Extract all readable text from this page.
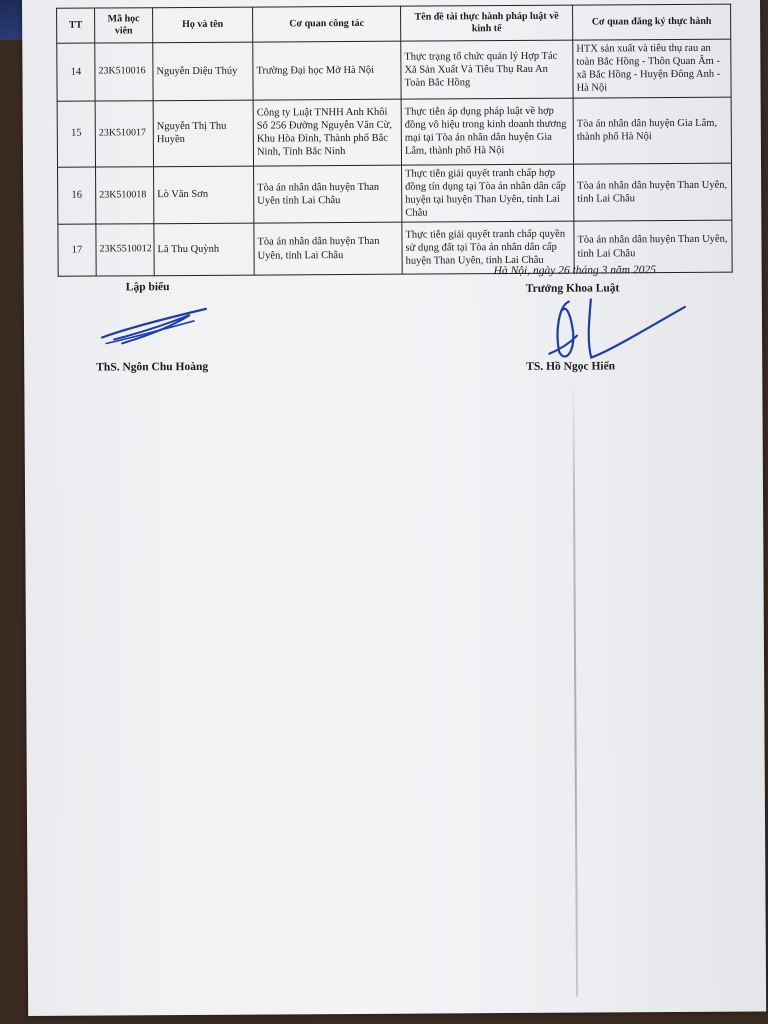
TT	Mã học viên	Họ và tên	Cơ quan công tác	Tên đề tài thực hành pháp luật về kinh tế	Cơ quan đăng ký thực hành
14	23K510016	Nguyễn Diệu Thúy	Trường Đại học Mở Hà Nội	Thực trạng tổ chức quản lý Hợp Tác Xã Sản Xuất Và Tiêu Thụ Rau An Toàn Bắc Hồng	HTX sản xuất và tiêu thụ rau an toàn Bắc Hồng - Thôn Quan Âm - xã Bắc Hồng - Huyện Đông Anh - Hà Nội
15	23K510017	Nguyễn Thị Thu Huyền	Công ty Luật TNHH Anh Khôi Số 256 Đường Nguyễn Văn Cừ, Khu Hòa Đình, Thành phố Bắc Ninh, Tỉnh Bắc Ninh	Thực tiễn áp dụng pháp luật về hợp đồng vô hiệu trong kinh doanh thương mại tại Tòa án nhân dân huyện Gia Lâm, thành phố Hà Nội	Tòa án nhân dân huyện Gia Lâm, thành phố Hà Nội
16	23K510018	Lò Văn Sơn	Tòa án nhân dân huyện Than Uyên tỉnh Lai Châu	Thực tiễn giải quyết tranh chấp hợp đồng tín dụng tại Tòa án nhân dân cấp huyện tại huyện Than Uyên, tỉnh Lai Châu	Tòa án nhân dân huyện Than Uyên, tỉnh Lai Châu
17	23K5510012	Lã Thu Quỳnh	Tòa án nhân dân huyện Than Uyên, tỉnh Lai Châu	Thực tiễn giải quyết tranh chấp quyền sử dụng đất tại Tòa án nhân dân cấp huyện Than Uyên, tỉnh Lai Châu	Tòa án nhân dân huyện Than Uyên, tỉnh Lai Châu
Lập biểu
ThS. Ngôn Chu Hoàng
Hà Nội, ngày 26 tháng 3 năm 2025
Trưởng Khoa Luật
TS. Hồ Ngọc Hiển
